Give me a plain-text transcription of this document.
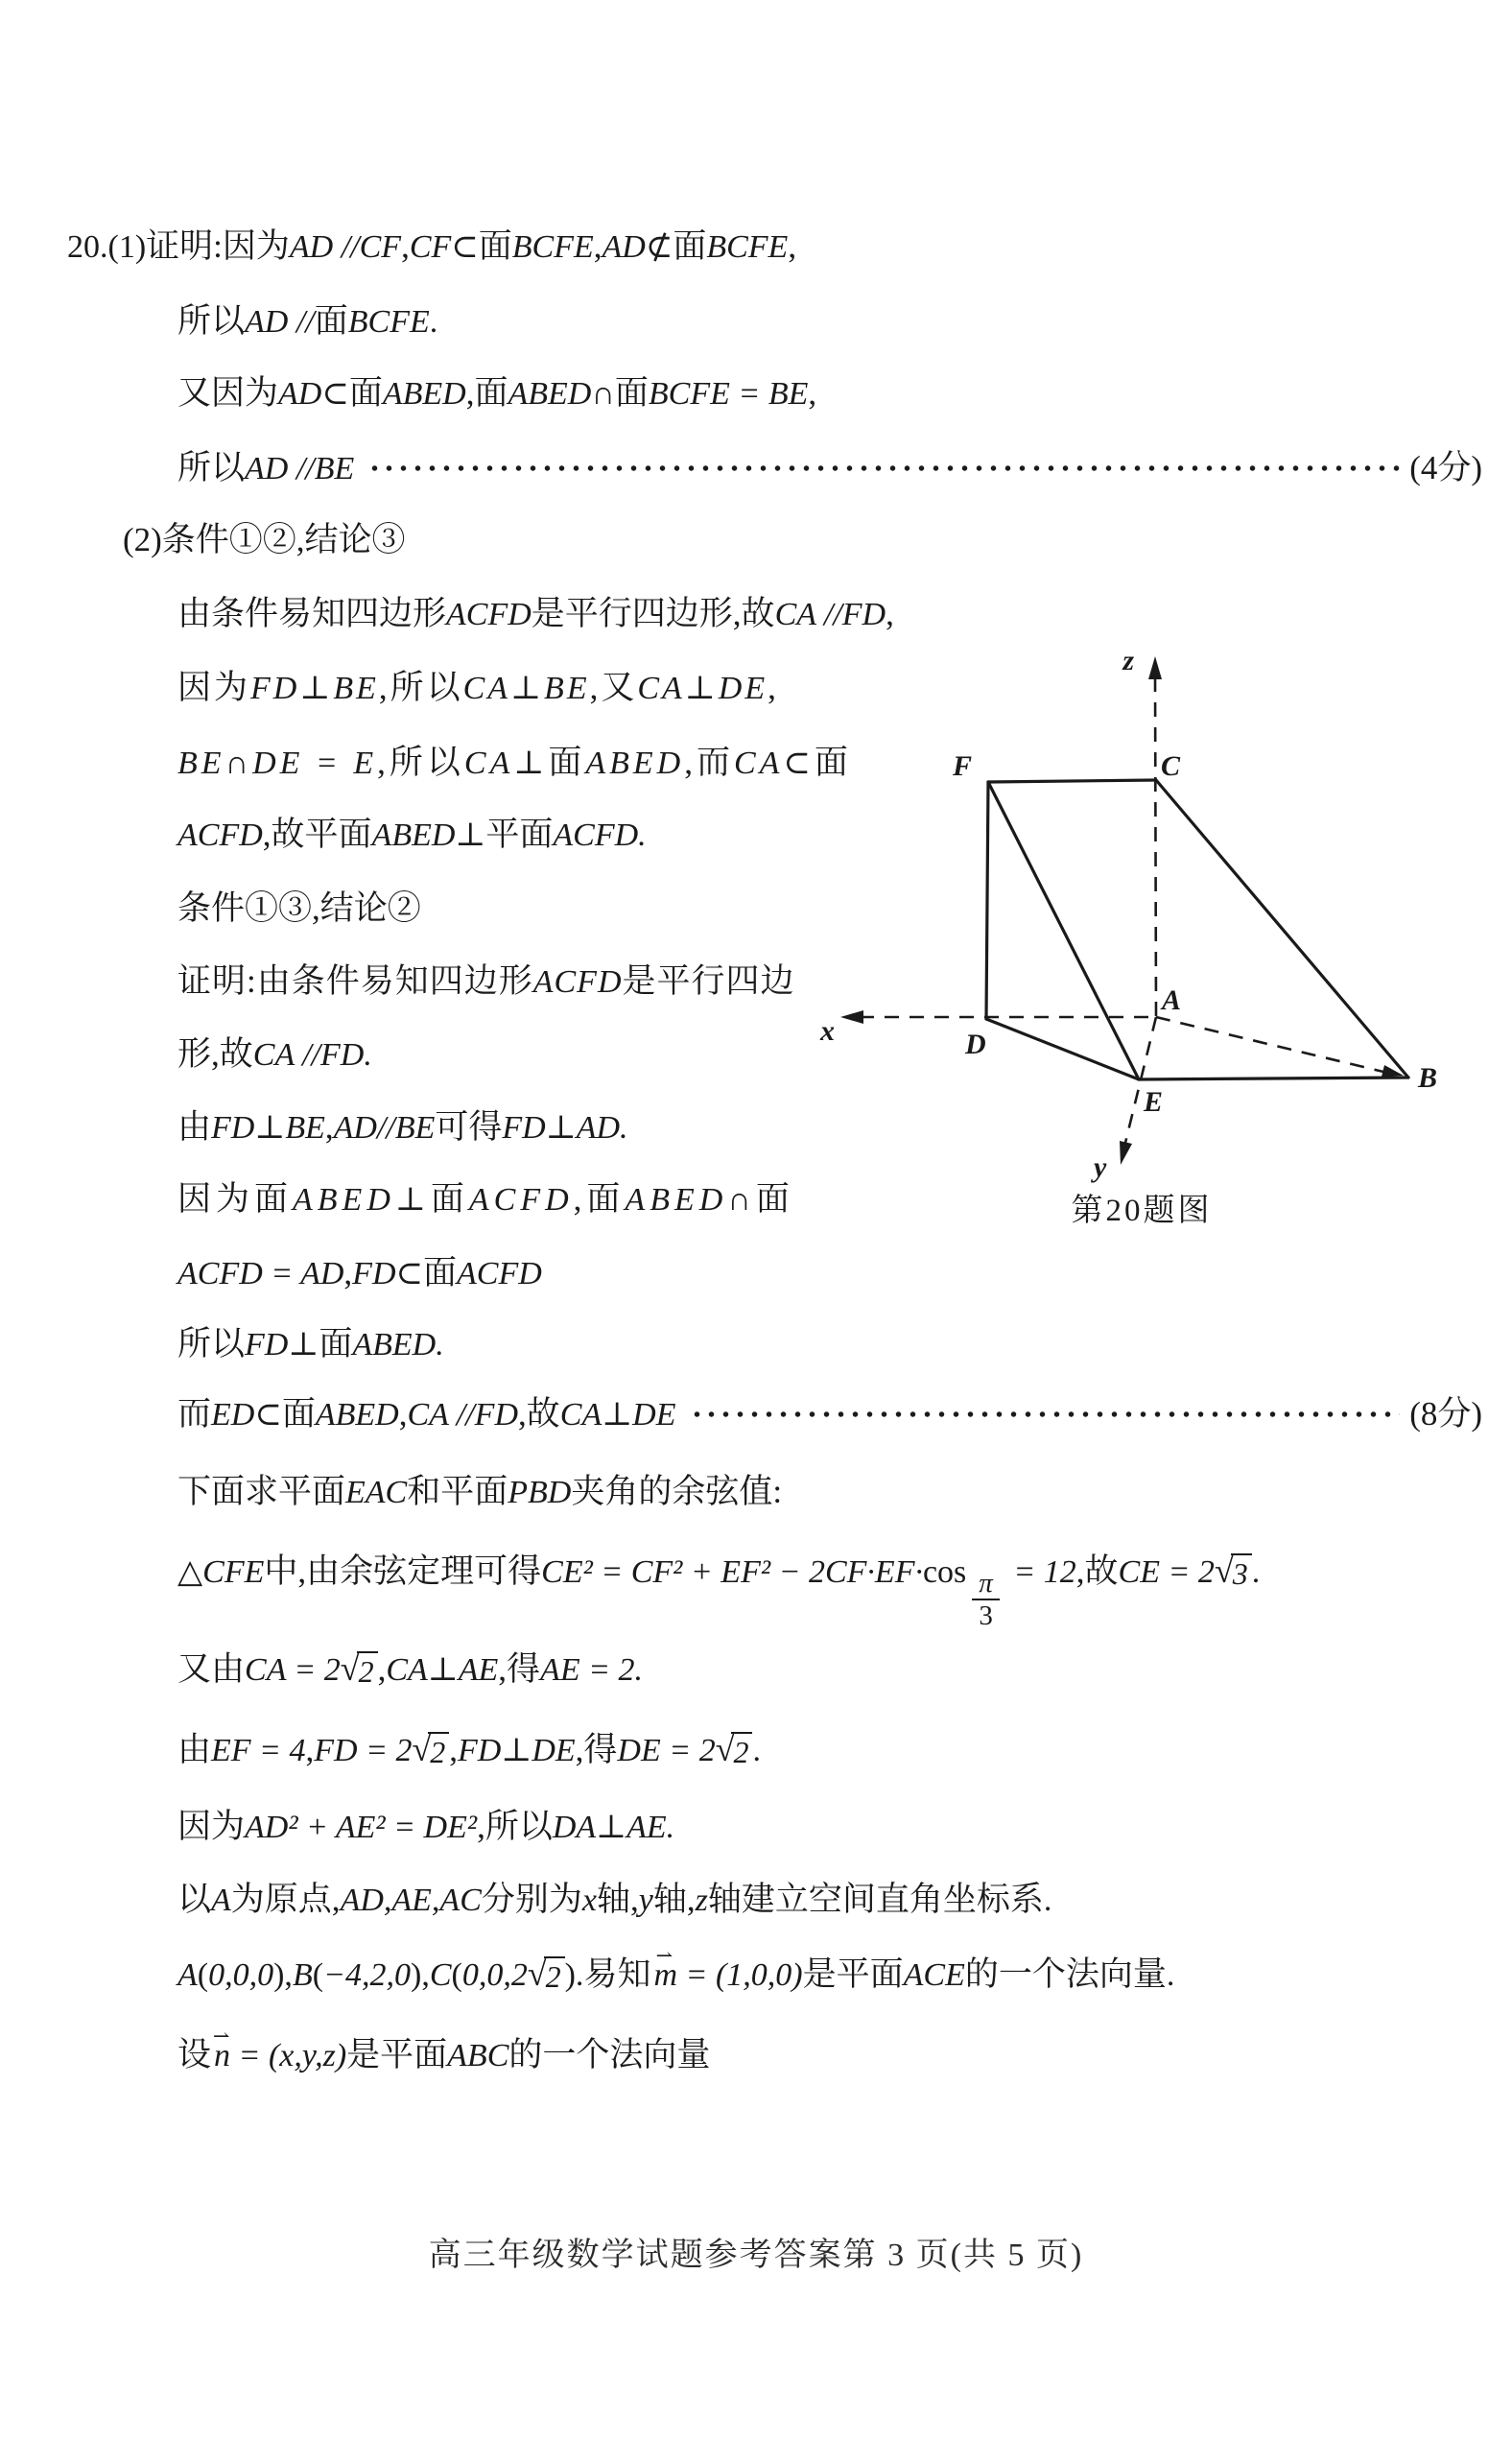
20.(1) 证明:因为 AD //CF , CF⊂ 面 BCFE , AD⊄ 面 BCFE ,
所以 AD // 面 BCFE .
又因为 AD⊂ 面 ABED ,面 ABED∩ 面 BCFE = BE ,
所以 AD //BE	(4分)
(2)条件①②,结论③
由条件易知四边形 ACFD 是平行四边形,故 CA //FD ,
因为 FD⊥BE ,所以 CA⊥BE ,又 CA⊥DE ,
BE∩DE = E ,所以 CA⊥ 面 ABED ,而 CA⊂ 面
ACFD ,故平面 ABED⊥ 平面 ACFD.
条件①③,结论②
证明:由条件易知四边形 ACFD 是平行四边
形,故 CA //FD.
由 FD⊥BE , AD//BE 可得 FD⊥AD.
因为面 ABED⊥ 面 ACFD ,面 ABED∩ 面
ACFD = AD , FD⊂ 面 ACFD
所以 FD⊥ 面 ABED.
而 ED⊂ 面 ABED , CA //FD ,故 CA⊥DE	(8分)
下面求平面 EAC 和平面 PBD 夹角的余弦值:
△ CFE 中,由余弦定理可得 $CE^2 = CF^2 + EF^2 - 2CF\cdot EF\cdot \cos \frac{\pi}{3} = 12$ ,故 CE = 2 √ 3 .
又由 CA = 2 √ 2 , CA⊥AE ,得 AE = 2.
由 EF = 4 , FD = 2 √ 2 , FD⊥DE ,得 DE = 2 √ 2 .
因为 AD² + AE² = DE² ,所以 DA⊥AE.
以 A 为原点, AD,AE,AC 分别为 x 轴, y 轴, z 轴建立空间直角坐标系 .
A ( 0,0,0 ), B ( −4,2,0 ), C ( 0,0,2 √ 2 ). 易知 m ⇀ = (1,0,0) 是平面 ACE 的一个法向量 .
设 n ⇀ = (x,y,z) 是平面 ABC 的一个法向量
z
x
y
F	C
D
A
E
B
第20题图
高三年级数学试题参考答案第 3 页(共 5 页)
